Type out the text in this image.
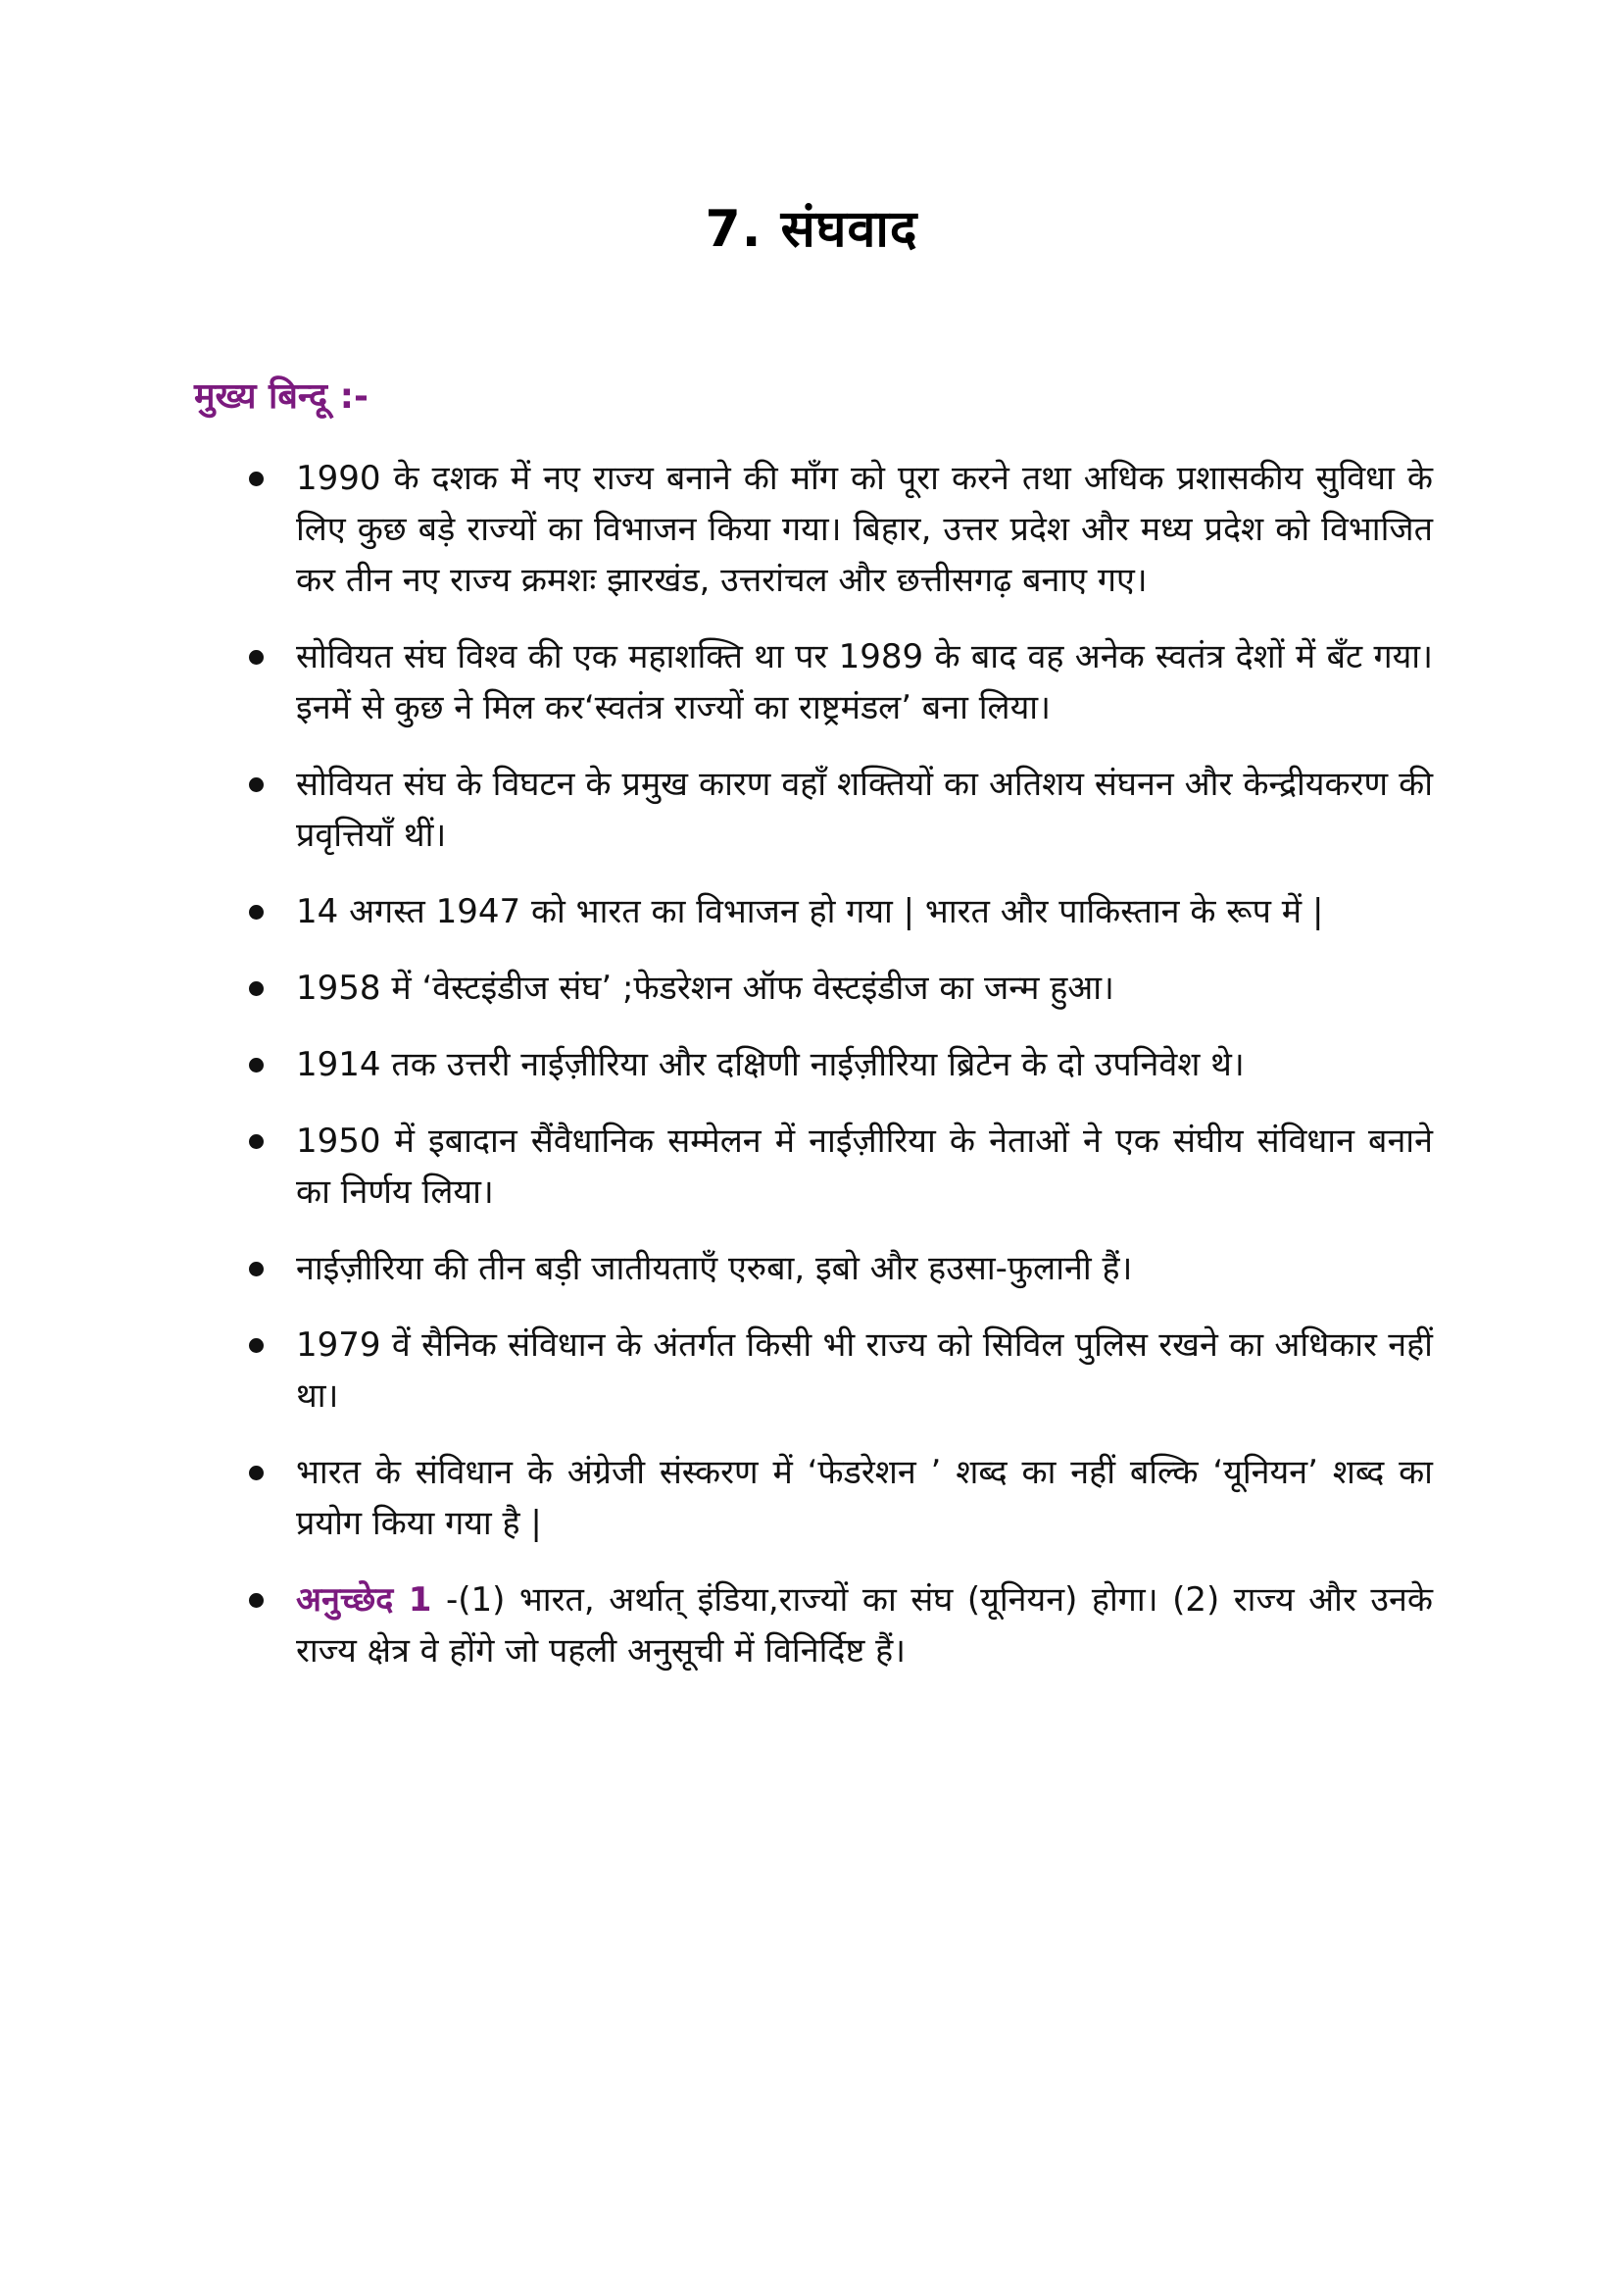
7. संघवाद
मुख्य बिन्दू :-
1990 के दशक में नए राज्य बनाने की माँग को पूरा करने तथा अधिक प्रशासकीय सुविधा के लिए कुछ बड़े राज्यों का विभाजन किया गया। बिहार, उत्तर प्रदेश और मध्य प्रदेश को विभाजित कर तीन नए राज्य क्रमशः झारखंड, उत्तरांचल और छत्तीसगढ़ बनाए गए।
सोवियत संघ विश्व की एक महाशक्ति था पर 1989 के बाद वह अनेक स्वतंत्र देशों में बँट गया। इनमें से कुछ ने मिल कर‘स्वतंत्र राज्यों का राष्ट्रमंडल’ बना लिया।
सोवियत संघ के विघटन के प्रमुख कारण वहाँ शक्तियों का अतिशय संघनन और केन्द्रीयकरण की प्रवृत्तियाँ थीं।
14 अगस्त 1947 को भारत का विभाजन हो गया | भारत और पाकिस्तान के रूप में |
1958 में ‘वेस्टइंडीज संघ’ ;फेडरेशन ऑफ वेस्टइंडीज का जन्म हुआ।
1914 तक उत्तरी नाईज़ीरिया और दक्षिणी नाईज़ीरिया ब्रिटेन के दो उपनिवेश थे।
1950 में इबादान सैंवैधानिक सम्मेलन में नाईज़ीरिया के नेताओं ने एक संघीय संविधान बनाने का निर्णय लिया।
नाईज़ीरिया की तीन बड़ी जातीयताएँ एरुबा, इबो और हउसा-फुलानी हैं।
1979 वें सैनिक संविधान के अंतर्गत किसी भी राज्य को सिविल पुलिस रखने का अधिकार नहीं था।
भारत के संविधान के अंग्रेजी संस्करण में ‘फेडरेशन ’ शब्द का नहीं बल्कि ‘यूनियन’ शब्द का प्रयोग किया गया है |
अनुच्छेद 1 -(1) भारत, अर्थात् इंडिया,राज्यों का संघ (यूनियन) होगा। (2) राज्य और उनके राज्य क्षेत्र वे होंगे जो पहली अनुसूची में विनिर्दिष्ट हैं।
